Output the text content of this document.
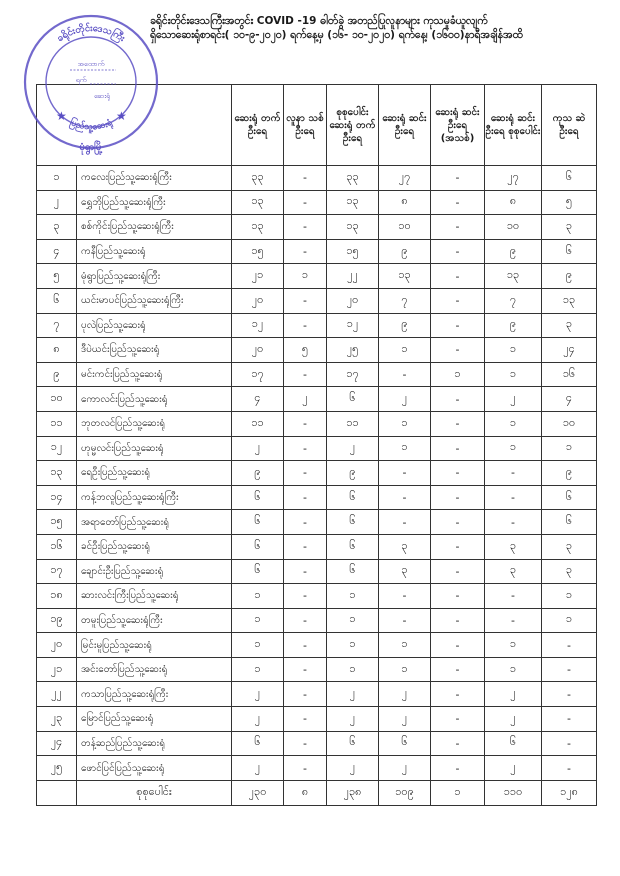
ခရိုင်းတိုင်းဒေသကြီးအတွင်း COVID -19 ဓါတ်ခွဲ အတည်ပြုလူနာများ ကုသမှုခံယူလျက်
ရှိသောဆေးရုံစာရင်း( ၁၀-၉-၂၀၂၀) ရက်နေ့မှ (၁၆- ၁၀-၂၀၂၀) ရက်နေ့၊ (၁၆၀၀)နာရီအချိန်အထိ
		ဆေးရုံ တက် ဦးရေ	လူနာ သစ် ဦးရေ	စုစုပေါင်း ဆေးရုံ တက် ဦးရေ	ဆေးရုံ ဆင်း ဦးရေ	ဆေးရုံ ဆင်း ဦးရေ (အသစ်)	ဆေးရုံ ဆင်း ဦးရေ စုစုပေါင်း	ကုသ ဆဲ ဦးရေ
၁	ကလေးပြည်သူ့ဆေးရုံကြီး	၃၃	-	၃၃	၂၇	-	၂၇	၆
၂	ရွှေဘိုပြည်သူ့ဆေးရုံကြီး	၁၃	-	၁၃	၈	-	၈	၅
၃	စစ်ကိုင်းပြည်သူ့ဆေးရုံကြီး	၁၃	-	၁၃	၁၀	-	၁၀	၃
၄	ကနီပြည်သူ့ဆေးရုံ	၁၅	-	၁၅	၉	-	၉	၆
၅	မုံရွာပြည်သူ့ဆေးရုံကြီး	၂၁	၁	၂၂	၁၃	-	၁၃	၉
၆	ယင်းမာပင်ပြည်သူ့ဆေးရုံကြီး	၂၀	-	၂၀	၇	-	၇	၁၃
၇	ပုလဲပြည်သူ့ဆေးရုံ	၁၂	-	၁၂	၉	-	၉	၃
၈	ဒီပဲယင်းပြည်သူ့ဆေးရုံ	၂၀	၅	၂၅	၁	-	၁	၂၄
၉	မင်းကင်းပြည်သူ့ဆေးရုံ	၁၇	-	၁၇	-	၁	၁	၁၆
၁၀	ကောလင်းပြည်သူ့ဆေးရုံ	၄	၂	၆	၂	-	၂	၄
၁၁	ဘုတလင်ပြည်သူ့ဆေးရုံ	၁၁	-	၁၁	၁	-	၁	၁၀
၁၂	ဟုမ္မလင်းပြည်သူ့ဆေးရုံ	၂	-	၂	၁	-	၁	၁
၁၃	ရေဦးပြည်သူ့ဆေးရုံ	၉	-	၉	-	-	-	၉
၁၄	ကန့်ဘလူပြည်သူ့ဆေးရုံကြီး	၆	-	၆	-	-	-	၆
၁၅	အရာတော်ပြည်သူ့ဆေးရုံ	၆	-	၆	-	-	-	၆
၁၆	ခင်ဦးပြည်သူ့ဆေးရုံ	၆	-	၆	၃	-	၃	၃
၁၇	ချောင်းဦးပြည်သူ့ဆေးရုံ	၆	-	၆	၃	-	၃	၃
၁၈	ဆားလင်းကြီးပြည်သူ့ဆေးရုံ	၁	-	၁	-	-	-	၁
၁၉	တမူးပြည်သူ့ဆေးရုံကြီး	၁	-	၁	-	-	-	၁
၂၀	မြင်းမူပြည်သူ့ဆေးရုံ	၁	-	၁	၁	-	၁	-
၂၁	အင်းတော်ပြည်သူ့ဆေးရုံ	၁	-	၁	၁	-	၁	-
၂၂	ကသာပြည်သူ့ဆေးရုံကြီး	၂	-	၂	၂	-	၂	-
၂၃	မြောင်ပြည်သူ့ဆေးရုံ	၂	-	၂	၂	-	၂	-
၂၄	တန့်ဆည်ပြည်သူ့ဆေးရုံ	၆	-	၆	၆	-	၆	-
၂၅	ဖောင်ပြင်ပြည်သူ့ဆေးရုံ	၂	-	၂	၂	-	၂	-
	စုစုပေါင်း	၂၃၀	၈	၂၃၈	၁၀၉	၁	၁၁၀	၁၂၈
ခရိုင်းတိုင်းဒေသကြီး
ပြည်သူ့ဆေးရုံ
အထောက်
ရက်
ဆေးရုံ
★	★
မုံရွာမြို့
